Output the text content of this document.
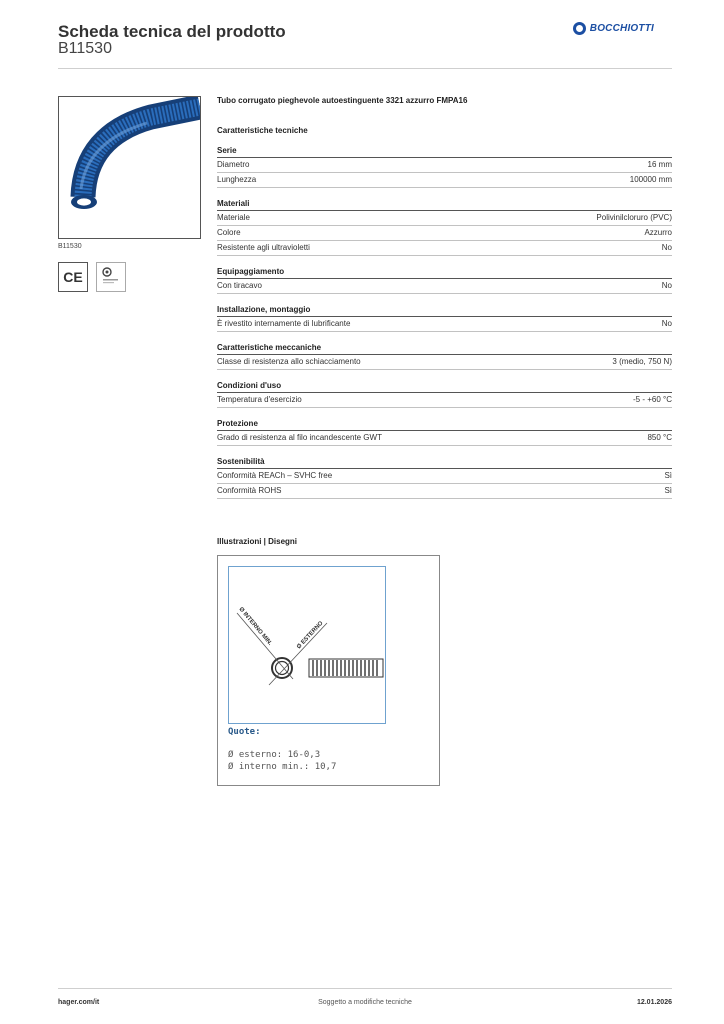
Scheda tecnica del prodotto
B11530
BOCCHIOTTI
B11530
CE
Tubo corrugato pieghevole autoestinguente 3321 azzurro FMPA16
Caratteristiche tecniche
Serie
Diametro	16 mm
Lunghezza	100000 mm
Materiali
Materiale	Polivinilcloruro (PVC)
Colore	Azzurro
Resistente agli ultravioletti	No
Equipaggiamento
Con tiracavo	No
Installazione, montaggio
È rivestito internamente di lubrificante	No
Caratteristiche meccaniche
Classe di resistenza allo schiacciamento	3 (medio, 750 N)
Condizioni d'uso
Temperatura d'esercizio	-5 - +60 °C
Protezione
Grado di resistenza al filo incandescente GWT	850 °C
Sostenibilità
Conformità REACh – SVHC free	Sì
Conformità ROHS	Sì
Illustrazioni | Disegni
Ø INTERNO MIN.	Ø ESTERNO
Quote:
Ø esterno: 16-0,3
Ø interno min.: 10,7
hager.com/it	Soggetto a modifiche tecniche	12.01.2026
